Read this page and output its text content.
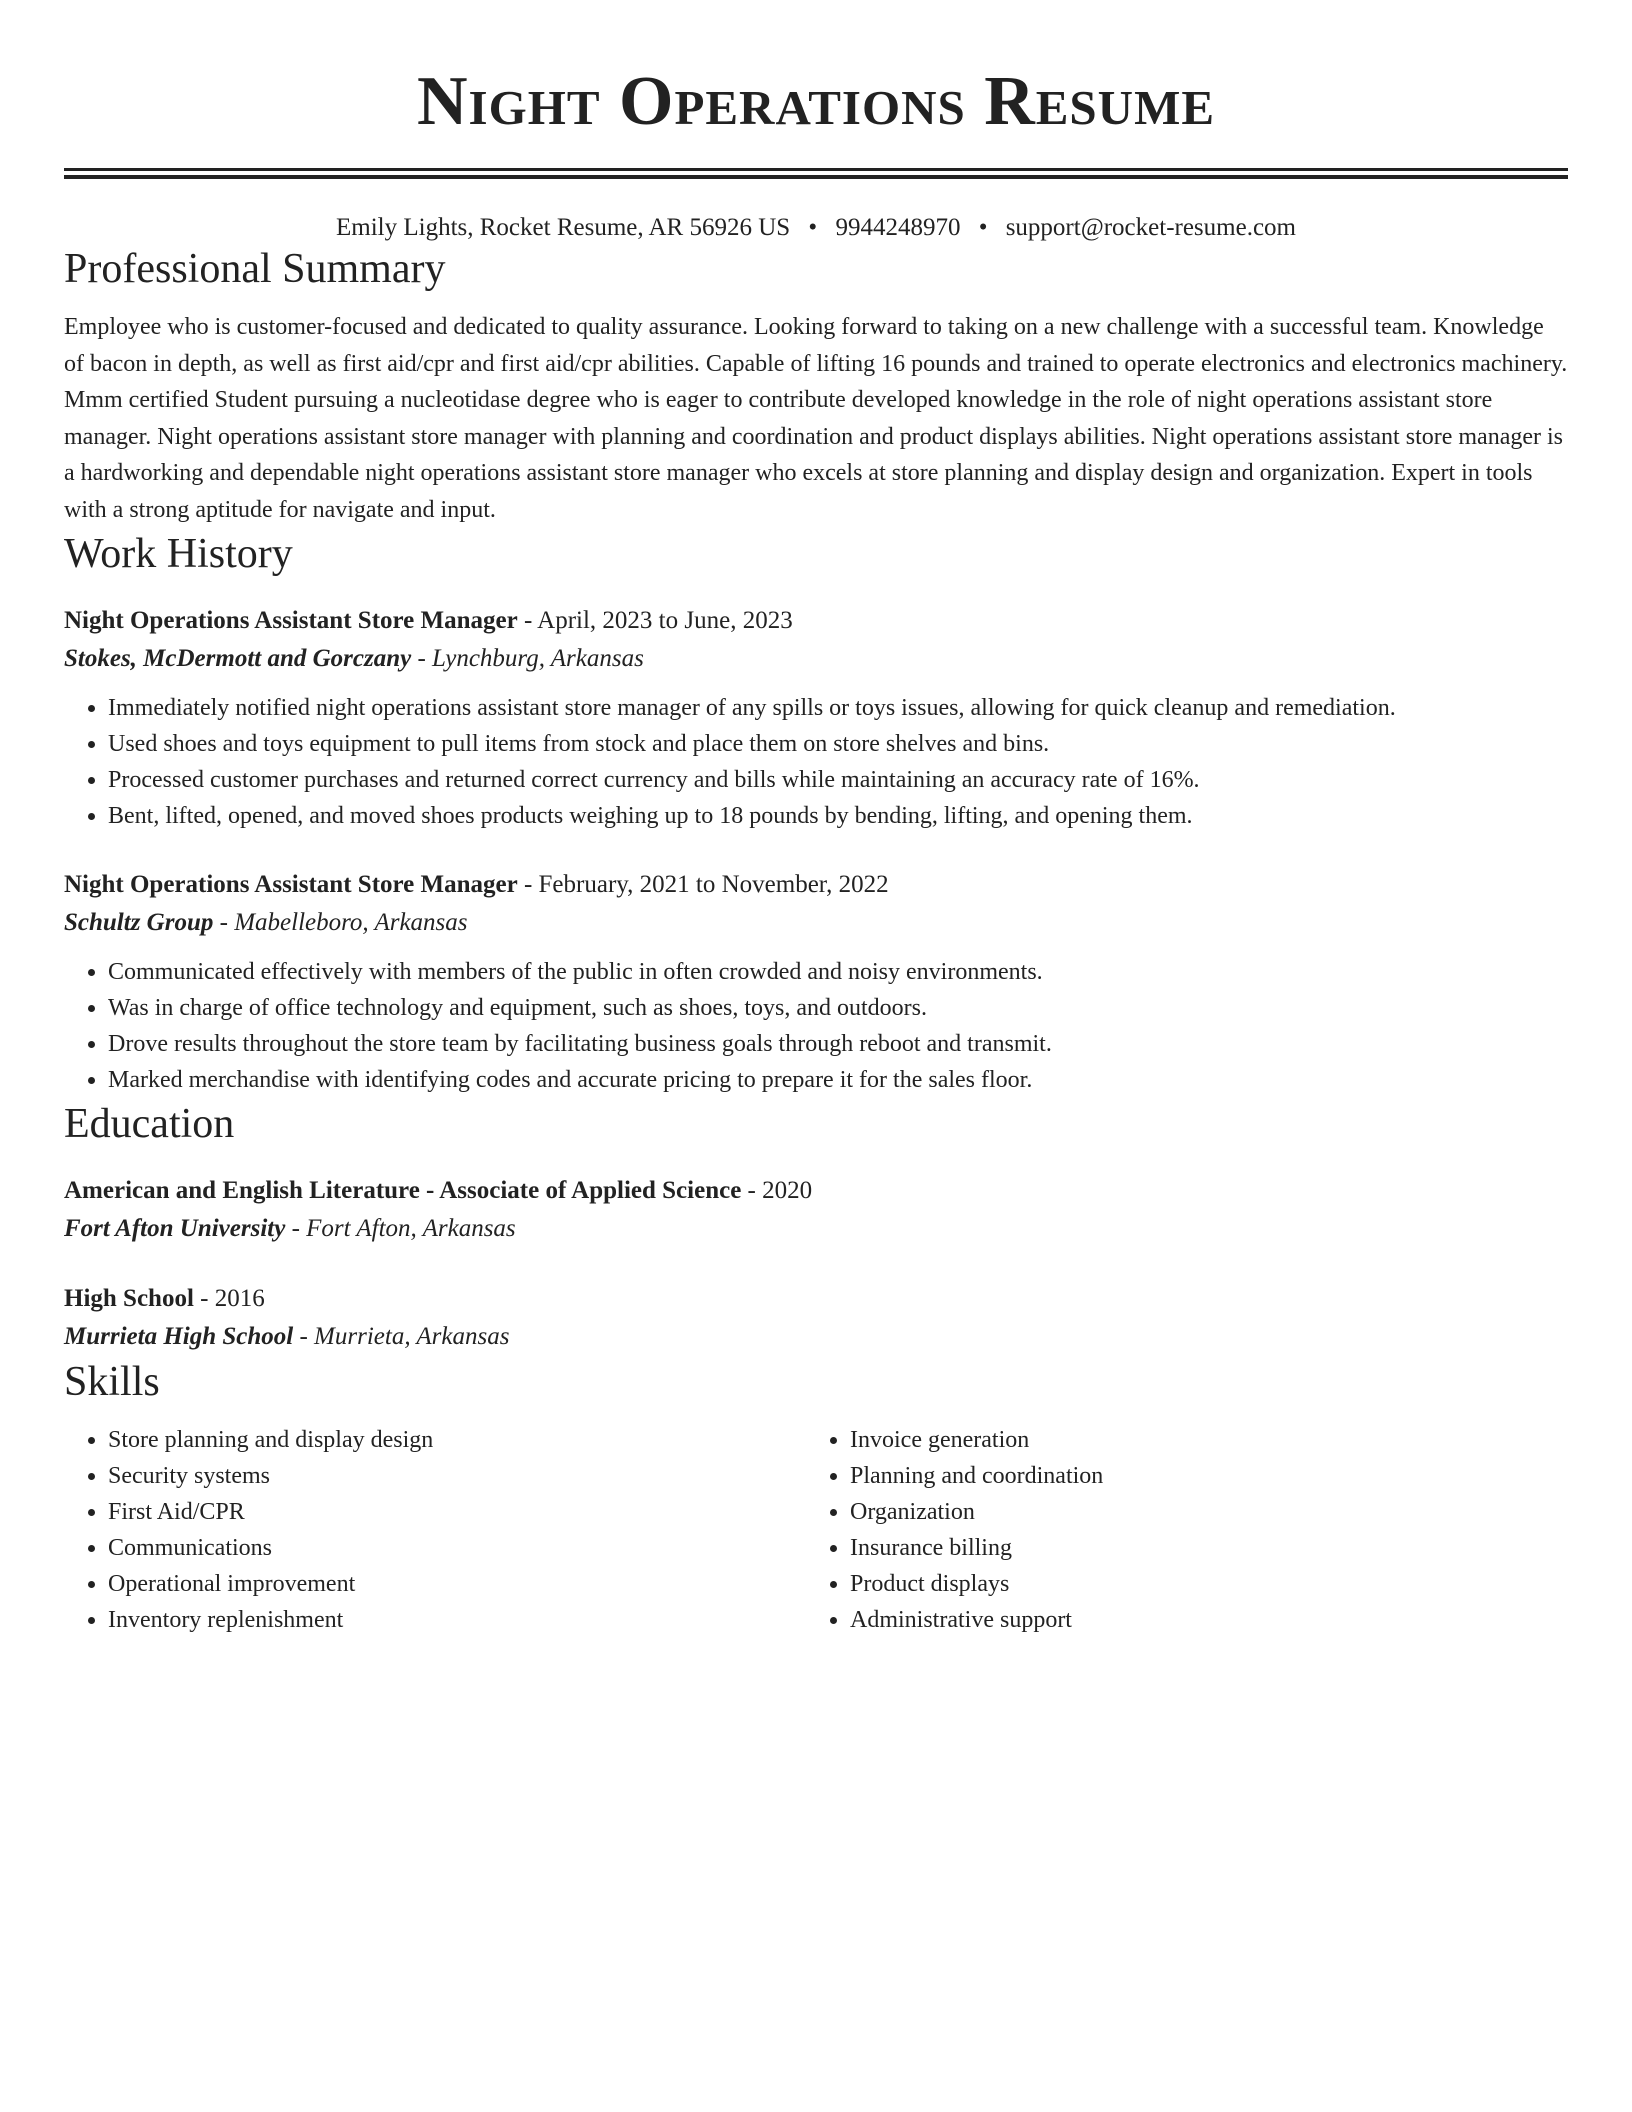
Night Operations Resume
Emily Lights, Rocket Resume, AR 56926 US • 9944248970 • support@rocket-resume.com
Professional Summary

Employee who is customer-focused and dedicated to quality assurance. Looking forward to taking on a new challenge with a successful team. Knowledge of bacon in depth, as well as first aid/cpr and first aid/cpr abilities. Capable of lifting 16 pounds and trained to operate electronics and electronics machinery. Mmm certified Student pursuing a nucleotidase degree who is eager to contribute developed knowledge in the role of night operations assistant store manager. Night operations assistant store manager with planning and coordination and product displays abilities. Night operations assistant store manager is a hardworking and dependable night operations assistant store manager who excels at store planning and display design and organization. Expert in tools with a strong aptitude for navigate and input.

Work History
Night Operations Assistant Store Manager - April, 2023 to June, 2023
Stokes, McDermott and Gorczany - Lynchburg, Arkansas
• Immediately notified night operations assistant store manager of any spills or toys issues, allowing for quick cleanup and remediation.
• Used shoes and toys equipment to pull items from stock and place them on store shelves and bins.
• Processed customer purchases and returned correct currency and bills while maintaining an accuracy rate of 16%.
• Bent, lifted, opened, and moved shoes products weighing up to 18 pounds by bending, lifting, and opening them.
Night Operations Assistant Store Manager - February, 2021 to November, 2022
Schultz Group - Mabelleboro, Arkansas
• Communicated effectively with members of the public in often crowded and noisy environments.
• Was in charge of office technology and equipment, such as shoes, toys, and outdoors.
• Drove results throughout the store team by facilitating business goals through reboot and transmit.
• Marked merchandise with identifying codes and accurate pricing to prepare it for the sales floor.
Education
American and English Literature - Associate of Applied Science - 2020
Fort Afton University - Fort Afton, Arkansas
High School - 2016
Murrieta High School - Murrieta, Arkansas
Skills
• Store planning and display design
• Security systems
• First Aid/CPR
• Communications
• Operational improvement
• Inventory replenishment
• Invoice generation
• Planning and coordination
• Organization
• Insurance billing
• Product displays
• Administrative support
